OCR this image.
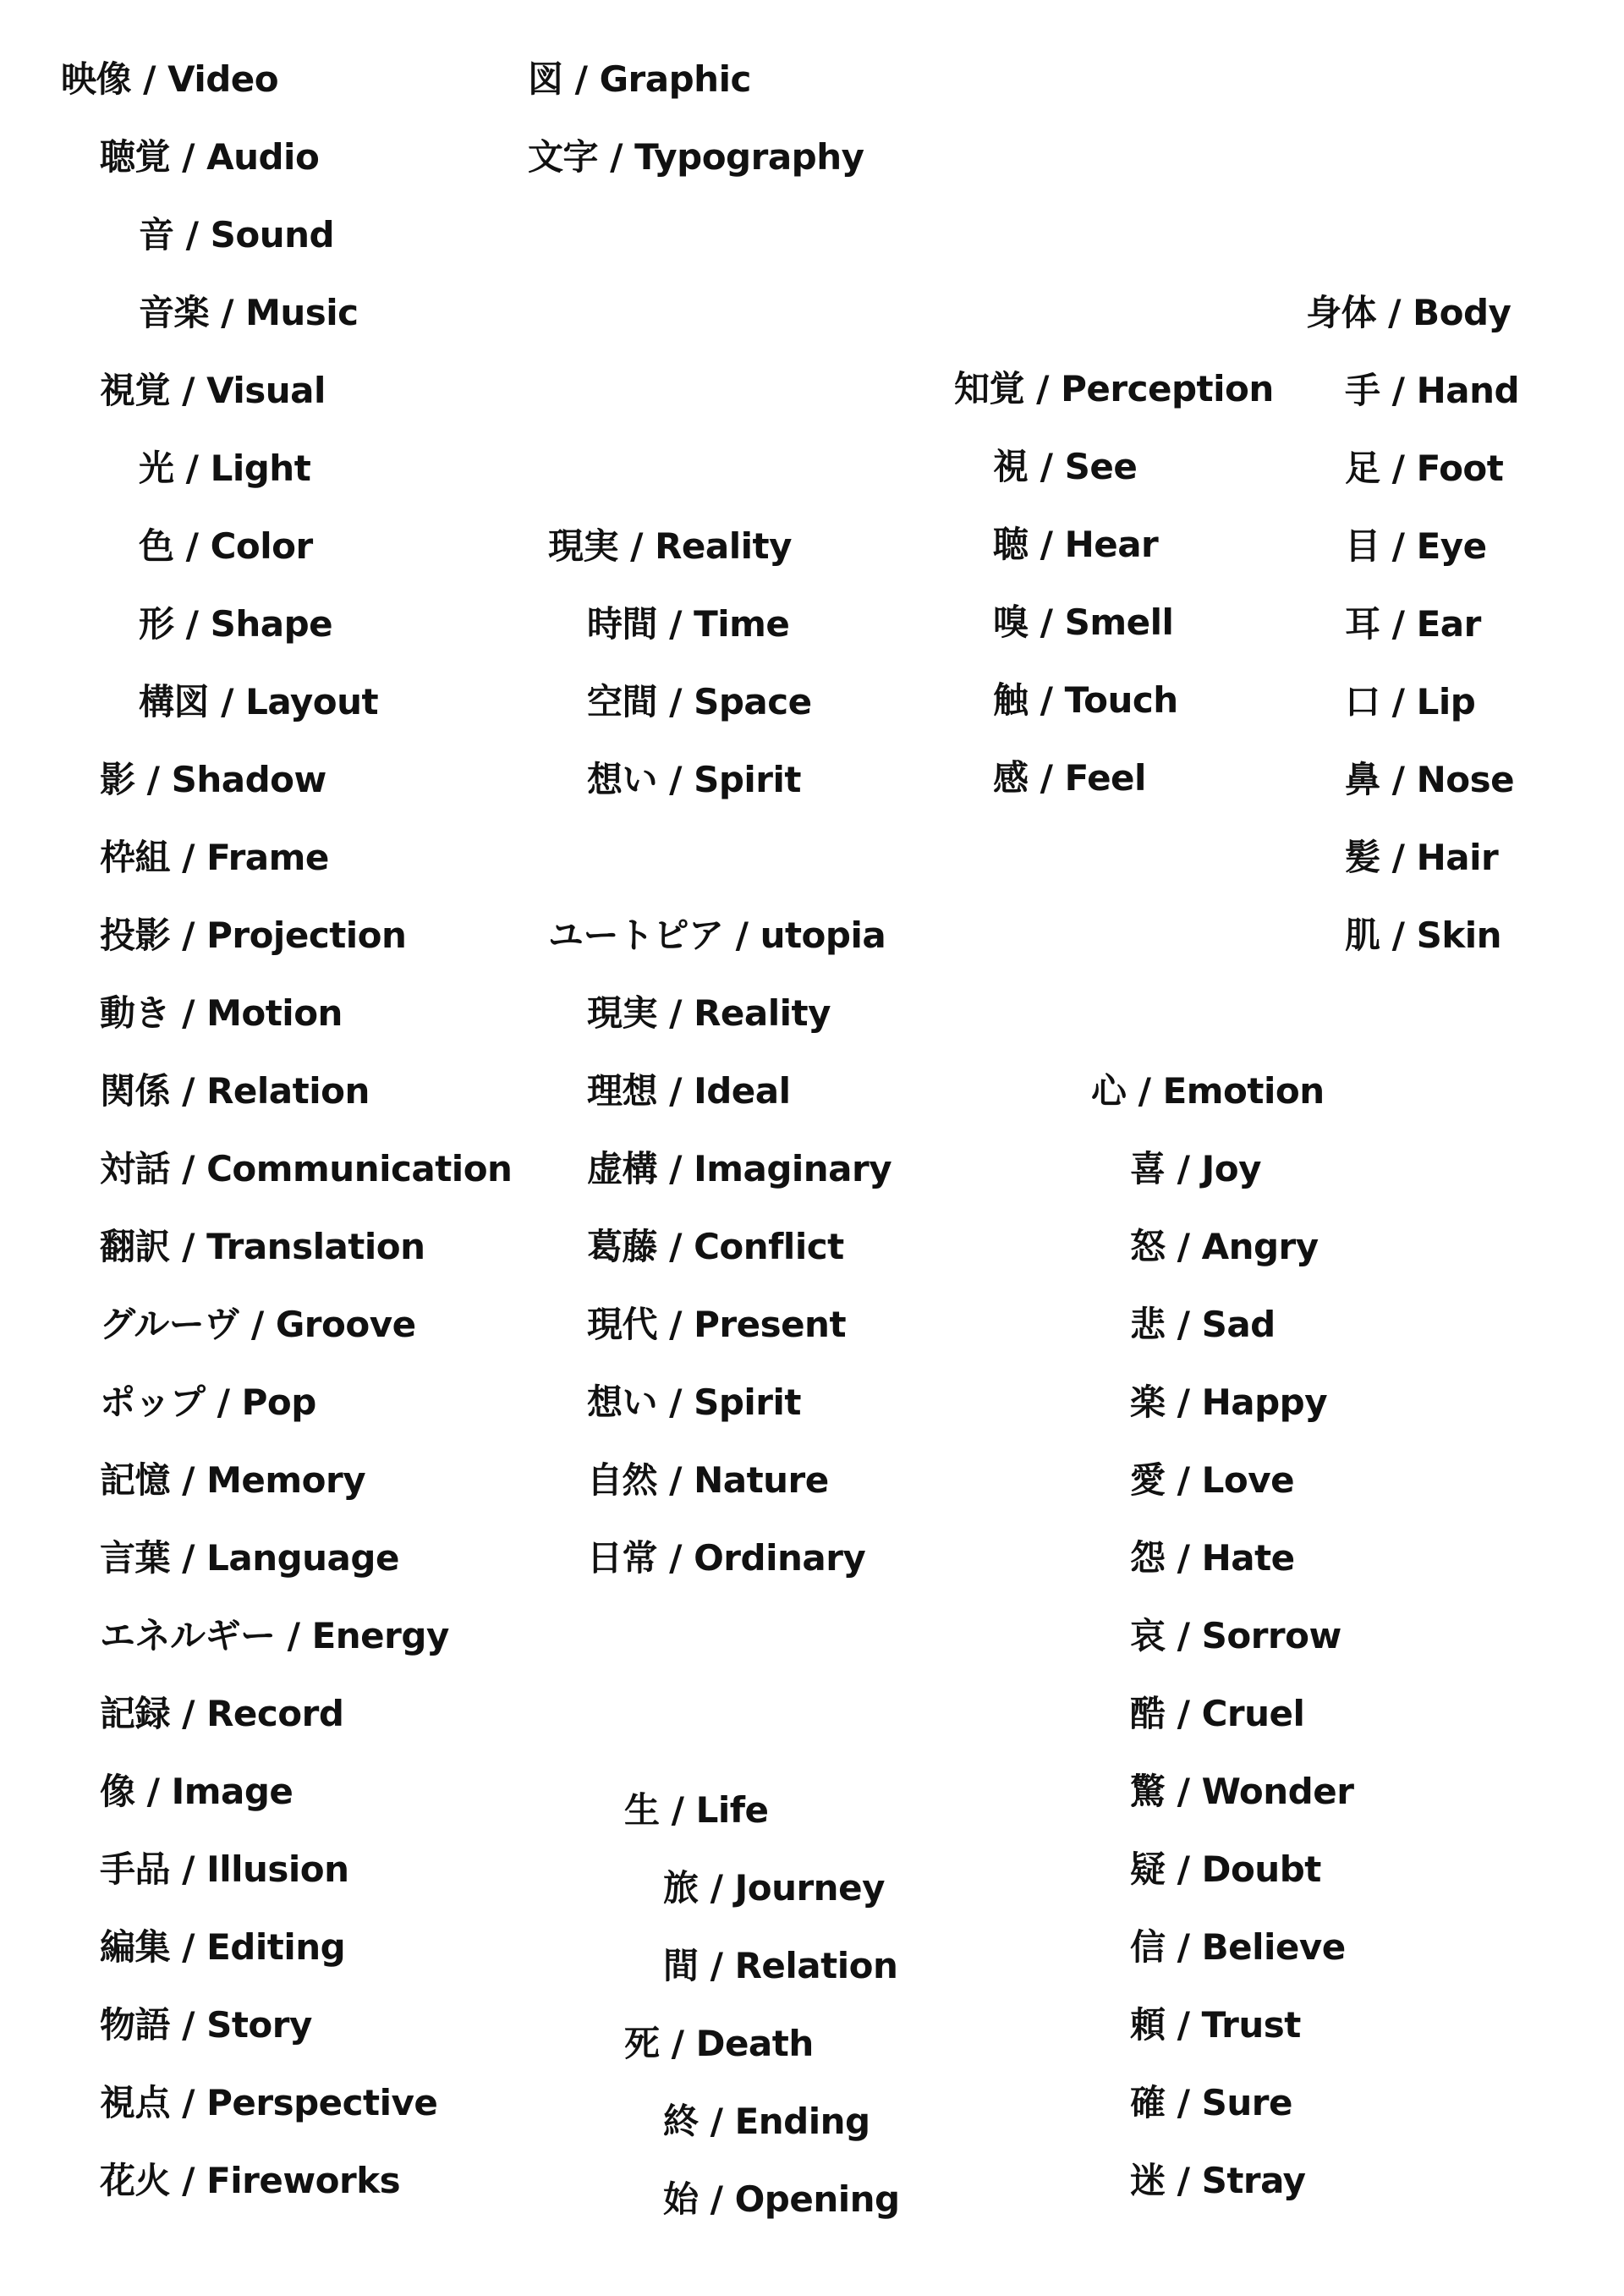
映像 / Video
聴覚 / Audio
音 / Sound
音楽 / Music
視覚 / Visual
光 / Light
色 / Color
形 / Shape
構図 / Layout
影 / Shadow
枠組 / Frame
投影 / Projection
動き / Motion
関係 / Relation
対話 / Communication
翻訳 / Translation
グルーヴ / Groove
ポップ / Pop
記憶 / Memory
言葉 / Language
エネルギー / Energy
記録 / Record
像 / Image
手品 / Illusion
編集 / Editing
物語 / Story
視点 / Perspective
花火 / Fireworks
図 / Graphic
文字 / Typography
現実 / Reality
時間 / Time
空間 / Space
想い / Spirit
ユートピア / utopia
現実 / Reality
理想 / Ideal
虚構 / Imaginary
葛藤 / Conflict
現代 / Present
想い / Spirit
自然 / Nature
日常 / Ordinary
生 / Life
旅 / Journey
間 / Relation
死 / Death
終 / Ending
始 / Opening
知覚 / Perception
視 / See
聴 / Hear
嗅 / Smell
触 / Touch
感 / Feel
身体 / Body
手 / Hand
足 / Foot
目 / Eye
耳 / Ear
口 / Lip
鼻 / Nose
髪 / Hair
肌 / Skin
心 / Emotion
喜 / Joy
怒 / Angry
悲 / Sad
楽 / Happy
愛 / Love
怨 / Hate
哀 / Sorrow
酷 / Cruel
驚 / Wonder
疑 / Doubt
信 / Believe
頼 / Trust
確 / Sure
迷 / Stray
